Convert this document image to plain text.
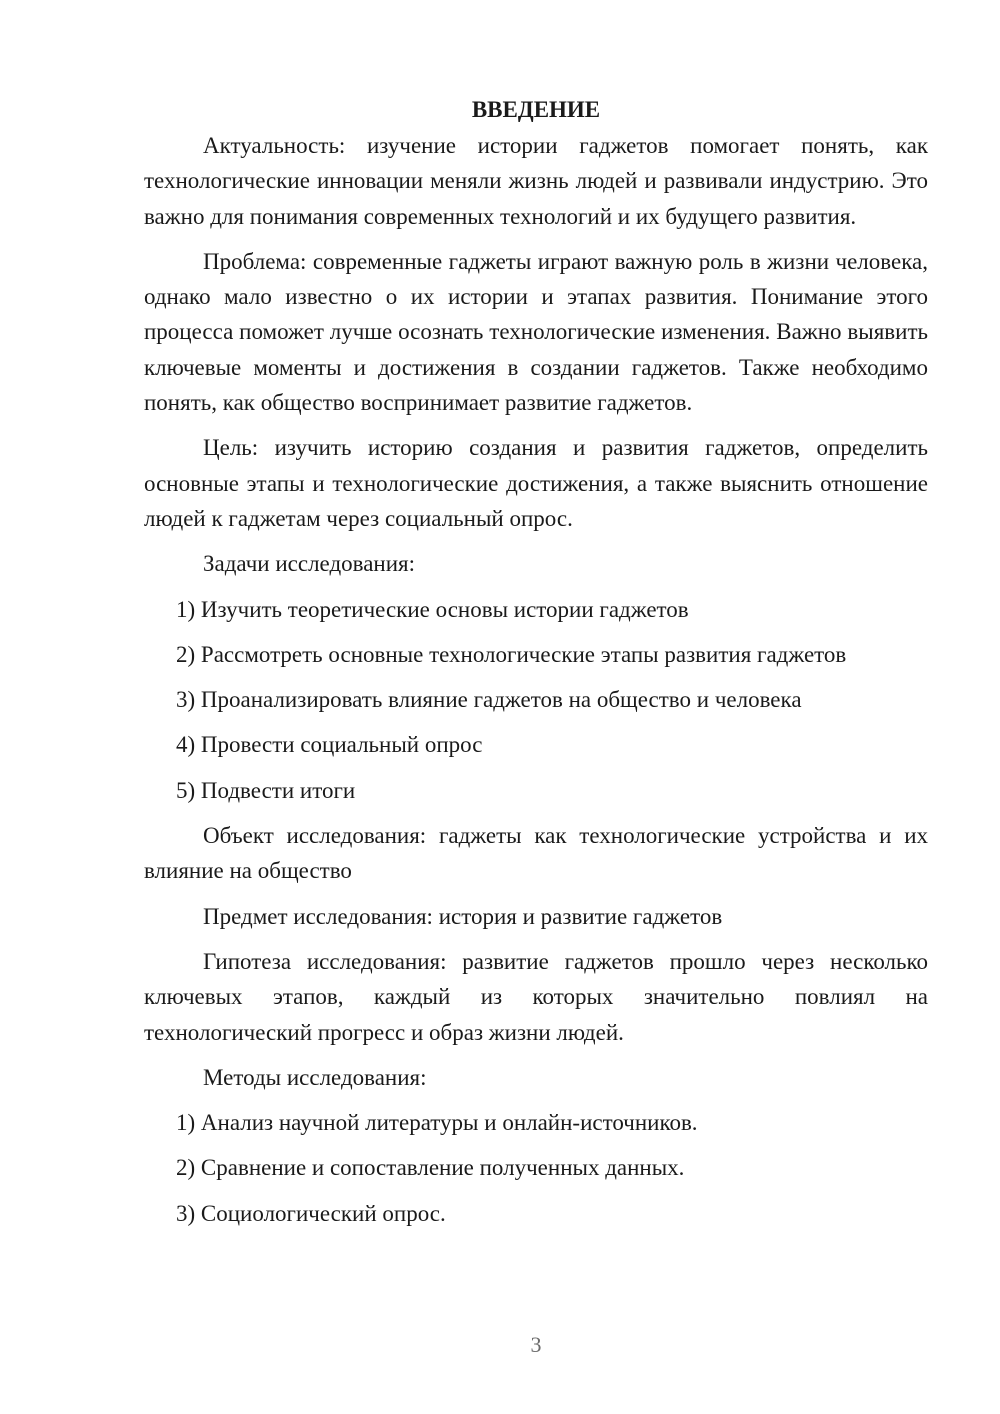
ВВЕДЕНИЕ

Актуальность: изучение истории гаджетов помогает понять, как технологические инновации меняли жизнь людей и развивали индустрию. Это важно для понимания современных технологий и их будущего развития.

Проблема: современные гаджеты играют важную роль в жизни человека, однако мало известно о их истории и этапах развития. Понимание этого процесса поможет лучше осознать технологические изменения. Важно выявить ключевые моменты и достижения в создании гаджетов. Также необходимо понять, как общество воспринимает развитие гаджетов.

Цель: изучить историю создания и развития гаджетов, определить основные этапы и технологические достижения, а также выяснить отношение людей к гаджетам через социальный опрос.

Задачи исследования:

1) Изучить теоретические основы истории гаджетов

2) Рассмотреть основные технологические этапы развития гаджетов

3) Проанализировать влияние гаджетов на общество и человека

4) Провести социальный опрос

5) Подвести итоги

Объект исследования: гаджеты как технологические устройства и их влияние на общество

Предмет исследования: история и развитие гаджетов

Гипотеза исследования: развитие гаджетов прошло через несколько ключевых этапов, каждый из которых значительно повлиял на технологический прогресс и образ жизни людей.

Методы исследования:

1) Анализ научной литературы и онлайн-источников.

2) Сравнение и сопоставление полученных данных.

3) Социологический опрос.

3
